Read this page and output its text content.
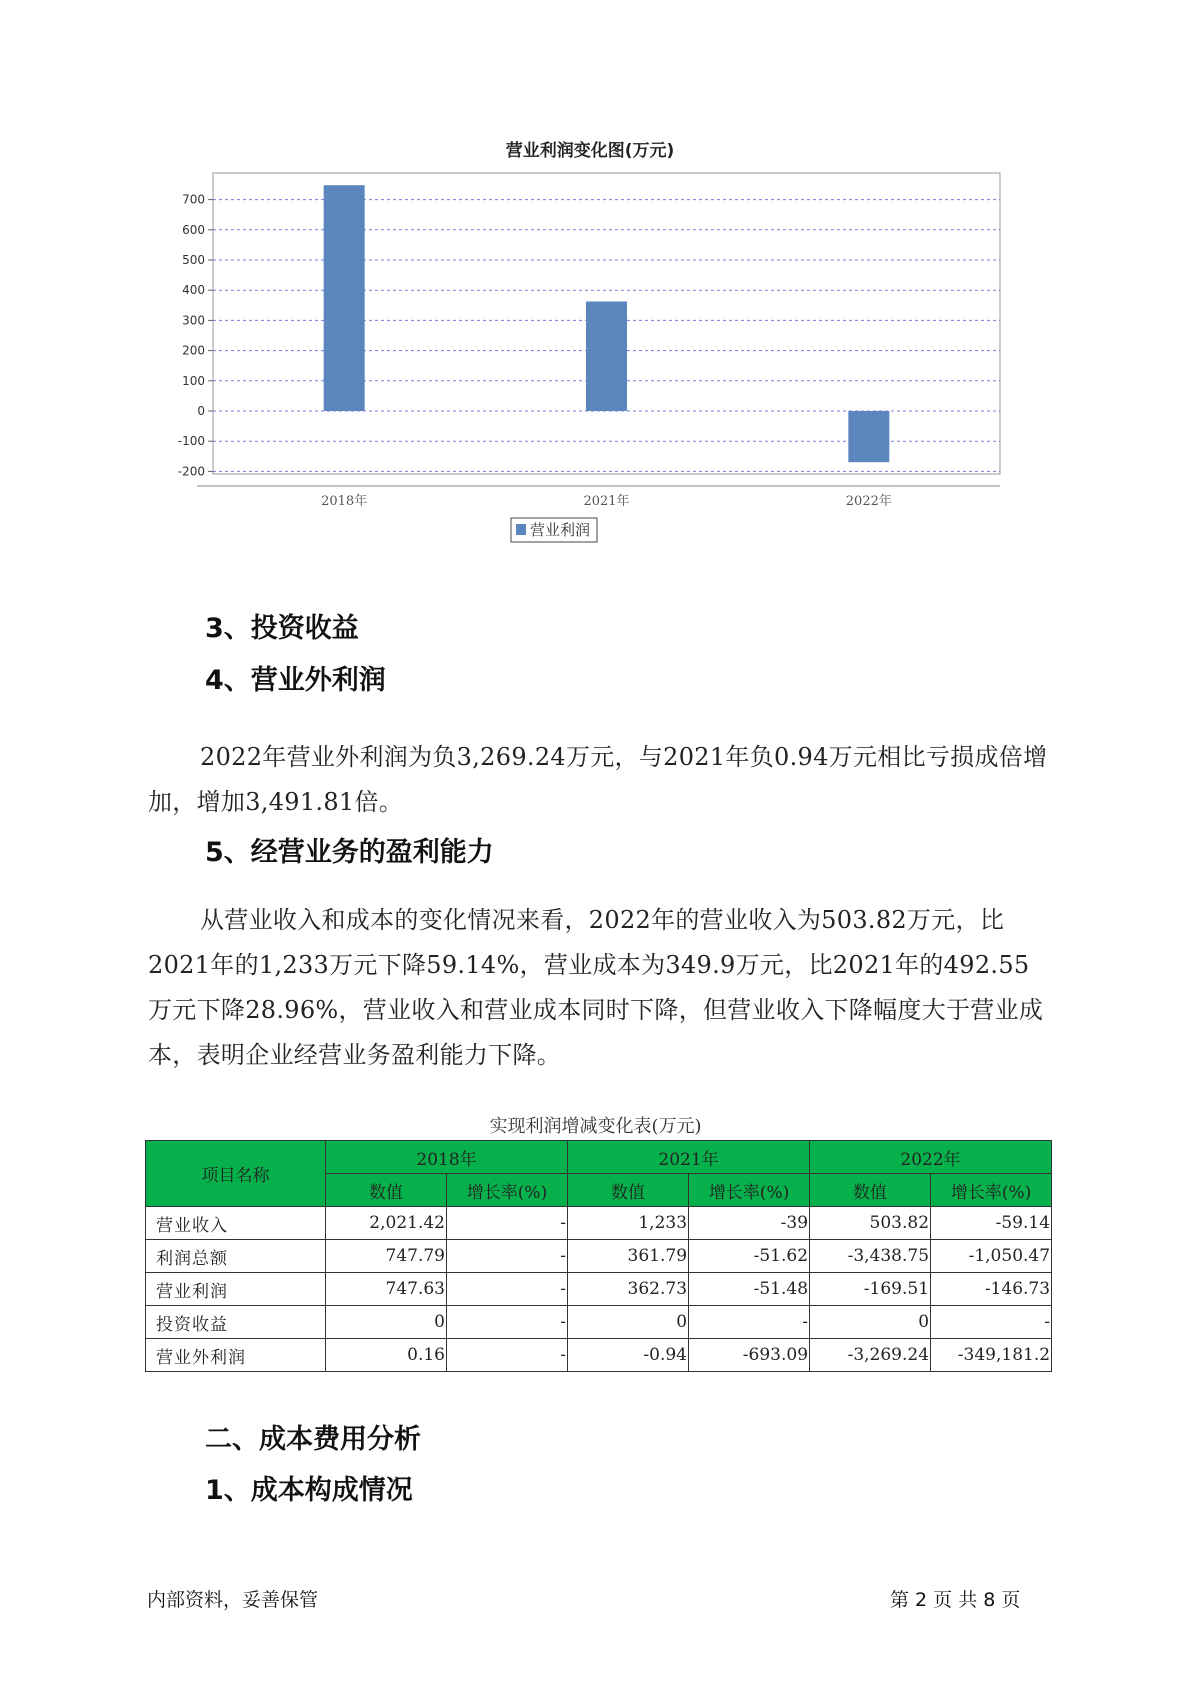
营业利润变化图(万元)
700
600
500
400
300
200
100
0
-100
-200
2018年	2021年	2022年
营业利润
3、投资收益
4、营业外利润
2022年营业外利润为负3,269.24万元，与2021年负0.94万元相比亏损成倍增加，增加3,491.81倍。
5、经营业务的盈利能力
从营业收入和成本的变化情况来看，2022年的营业收入为503.82万元，比2021年的1,233万元下降59.14%，营业成本为349.9万元，比2021年的492.55万元下降28.96%，营业收入和营业成本同时下降，但营业收入下降幅度大于营业成本，表明企业经营业务盈利能力下降。
实现利润增减变化表(万元)
项目名称	2018年		2021年		2022年	
	数值	增长率(%)	数值	增长率(%)	数值	增长率(%)
营业收入	2,021.42	-	1,233	-39	503.82	-59.14
利润总额	747.79	-	361.79	-51.62	-3,438.75	-1,050.47
营业利润	747.63	-	362.73	-51.48	-169.51	-146.73
投资收益	0	-	0	-	0	-
营业外利润	0.16	-	-0.94	-693.09	-3,269.24	-349,181.2
二、成本费用分析
1、成本构成情况
内部资料，妥善保管	第 2 页 共 8 页
